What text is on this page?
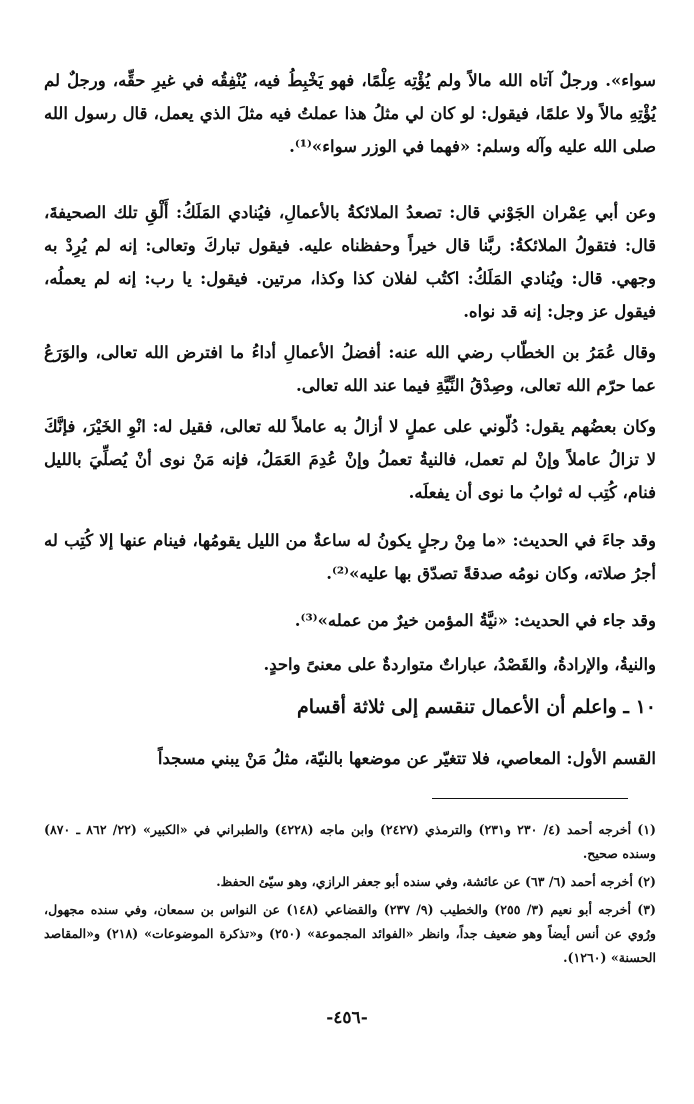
سواء». ورجلٌ آتاه الله مالاً ولم يُؤْتِه عِلْمًا، فهو يَخْبِطُ فيه، يُنْفِقُه في غيرِ حقِّه، ورجلٌ لم يُؤْتِهِ مالاً ولا علمًا، فيقول: لو كان لي مثلُ هذا عملتُ فيه مثلَ الذي يعمل، قال رسول الله صلى الله عليه وآله وسلم: «فهما في الوزر سواء»⁽¹⁾.

وعن أبي عِمْران الجَوْني قال: تصعدُ الملائكةُ بالأعمالِ، فيُنادي المَلَكُ: أَلْقِ تلك الصحيفةَ، قال: فتقولُ الملائكةُ: ربَّنا قال خيراً وحفظناه عليه. فيقول تباركَ وتعالى: إنه لم يُرِدْ به وجهي. قال: ويُنادي المَلَكُ: اكتُب لفلان كذا وكذا، مرتين. فيقول: يا رب: إنه لم يعملُه، فيقول عز وجل: إنه قد نواه.

وقال عُمَرُ بن الخطّاب رضي الله عنه: أفضلُ الأعمالِ أداءُ ما افترض الله تعالى، والوَرَعُ عما حرّم الله تعالى، وصِدْقُ النِّيَّةِ فيما عند الله تعالى.

وكان بعضُهم يقول: دُلّوني على عملٍ لا أزالُ به عاملاً لله تعالى، فقيل له: انْوِ الخَيْرَ، فإنَّكَ لا تزالُ عاملاً وإنْ لم تعمل، فالنيةُ تعملُ وإنْ عُدِمَ العَمَلُ، فإنه مَنْ نوى أنْ يُصلِّيَ بالليل فنام، كُتِب له ثوابُ ما نوى أن يفعلَه.

وقد جاءَ في الحديث: «ما مِنْ رجلٍ يكونُ له ساعةٌ من الليل يقومُها، فينام عنها إلا كُتِب له أجرُ صلاته، وكان نومُه صدقةً تصدّق بها عليه»⁽²⁾.

وقد جاء في الحديث: «نيَّةُ المؤمن خيرٌ من عمله»⁽³⁾.

والنيةُ، والإرادةُ، والقَصْدُ، عباراتٌ متواردةٌ على معنىً واحدٍ.

١٠ ـ واعلم أن الأعمال تنقسم إلى ثلاثة أقسام

القسم الأول: المعاصي، فلا تتغيّر عن موضعها بالنيّة، مثلُ مَنْ يبني مسجداً

(١) أخرجه أحمد (٤/ ٢٣٠ و٢٣١) والترمذي (٢٤٢٧) وابن ماجه (٤٢٢٨) والطبراني في «الكبير» (٢٢/ ٨٦٢ ـ ٨٧٠) وسنده صحيح.

(٢) أخرجه أحمد (٦/ ٦٣) عن عائشة، وفي سنده أبو جعفر الرازي، وهو سيّئ الحفظ.

(٣) أخرجه أبو نعيم (٣/ ٢٥٥) والخطيب (٩/ ٢٣٧) والقضاعي (١٤٨) عن النواس بن سمعان، وفي سنده مجهول، ورُوي عن أنس أيضاً وهو ضعيف جداً، وانظر «الفوائد المجموعة» (٢٥٠) و«تذكرة الموضوعات» (٢١٨) و«المقاصد الحسنة» (١٢٦٠).

-٤٥٦-
